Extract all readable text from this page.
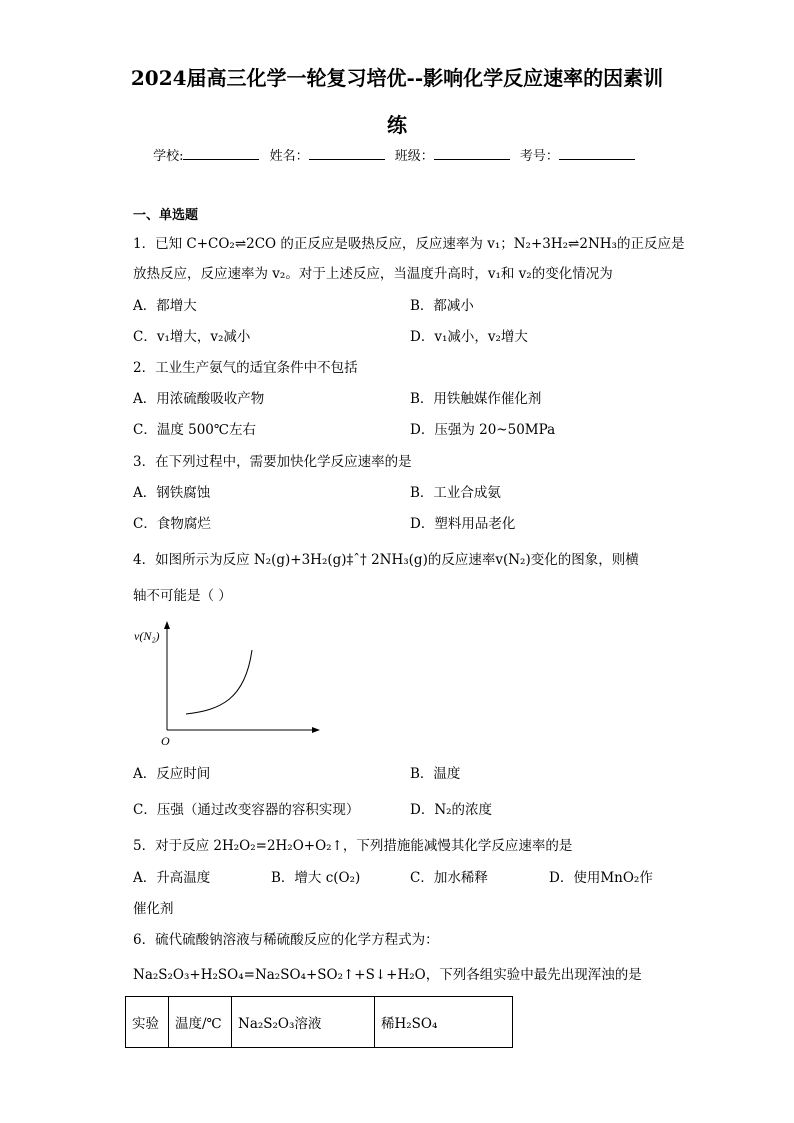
2024届高三化学一轮复习培优--影响化学反应速率的因素训
练
学校:	姓名：	班级：	考号：
一、单选题
1．已知 C+CO₂⇌2CO 的正反应是吸热反应，反应速率为 v₁；N₂+3H₂⇌2NH₃的正反应是
放热反应，反应速率为 v₂。对于上述反应，当温度升高时，v₁和 v₂的变化情况为
A．都增大	B．都减小
C．v₁增大，v₂减小	D．v₁减小，v₂增大
2．工业生产氨气的适宜条件中不包括
A．用浓硫酸吸收产物	B．用铁触媒作催化剂
C．温度 500℃左右	D．压强为 20~50MPa
3．在下列过程中，需要加快化学反应速率的是
A．钢铁腐蚀	B．工业合成氨
C．食物腐烂	D．塑料用品老化
4．如图所示为反应 N₂(g)+3H₂(g)‡ˆ† 2NH₃(g)的反应速率v(N₂)变化的图象，则横
轴不可能是（ ）
v(N₂)
O
A．反应时间	B．温度
C．压强（通过改变容器的容积实现）	D．N₂的浓度
5．对于反应 2H₂O₂=2H₂O+O₂↑，下列措施能减慢其化学反应速率的是
A．升高温度	B．增大 c(O₂)	C．加水稀释	D．使用MnO₂作
催化剂
6．硫代硫酸钠溶液与稀硫酸反应的化学方程式为：
Na₂S₂O₃+H₂SO₄=Na₂SO₄+SO₂↑+S↓+H₂O，下列各组实验中最先出现浑浊的是
实验	温度/℃	Na₂S₂O₃溶液	稀H₂SO₄
